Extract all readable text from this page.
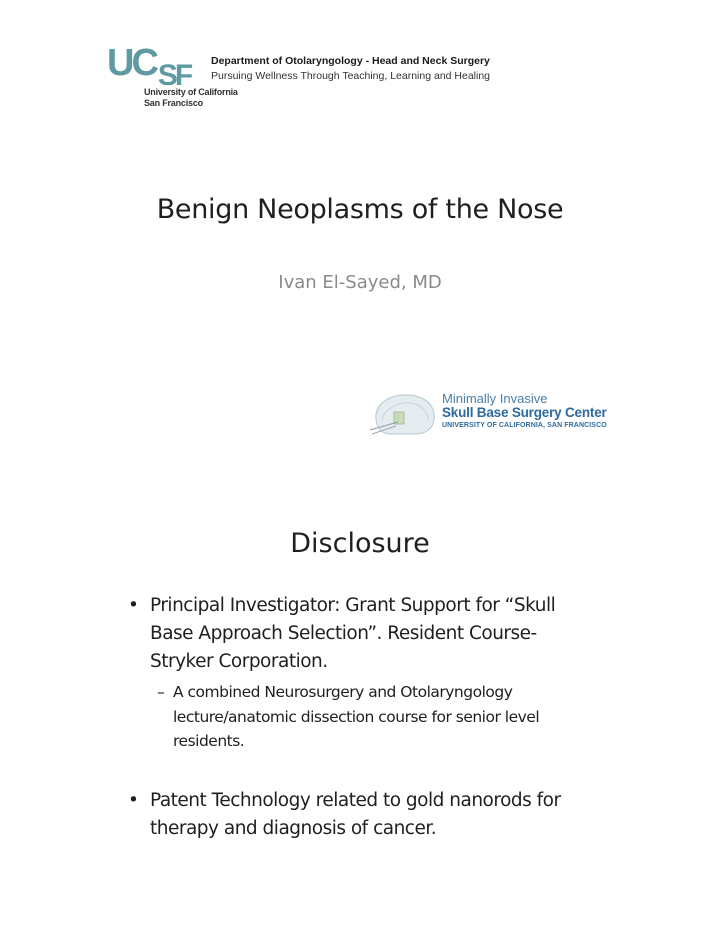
UCSF
University of California
San Francisco
Department of Otolaryngology - Head and Neck Surgery
Pursuing Wellness Through Teaching, Learning and Healing
Benign Neoplasms of the Nose
Ivan El-Sayed, MD
Minimally Invasive
Skull Base Surgery Center
UNIVERSITY OF CALIFORNIA, SAN FRANCISCO
Disclosure
• Principal Investigator: Grant Support for “Skull Base Approach Selection”. Resident Course- Stryker Corporation.
– A combined Neurosurgery and Otolaryngology lecture/anatomic dissection course for senior level residents.
• Patent Technology related to gold nanorods for therapy and diagnosis of cancer.
